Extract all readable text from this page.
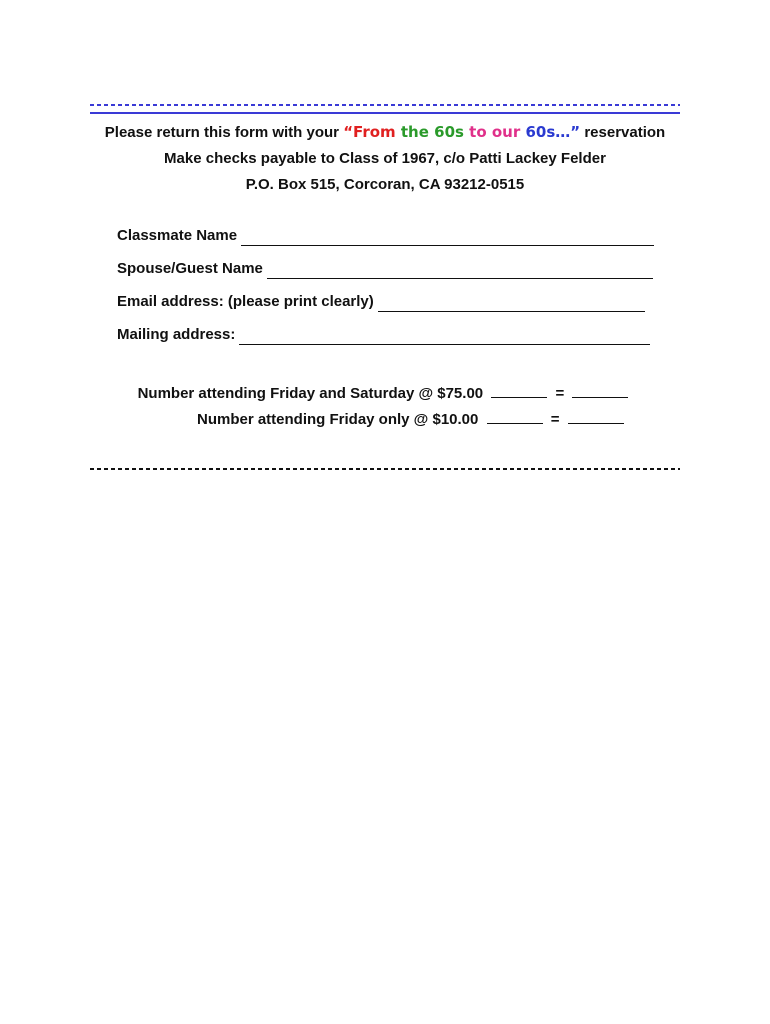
Please return this form with your “From the 60s to our 60s…” reservation
Make checks payable to Class of 1967, c/o Patti Lackey Felder
P.O. Box 515, Corcoran, CA 93212-0515
Classmate Name
Spouse/Guest Name
Email address: (please print clearly)
Mailing address:
Number attending Friday and Saturday @ $75.00	=
Number attending Friday only @ $10.00	=
